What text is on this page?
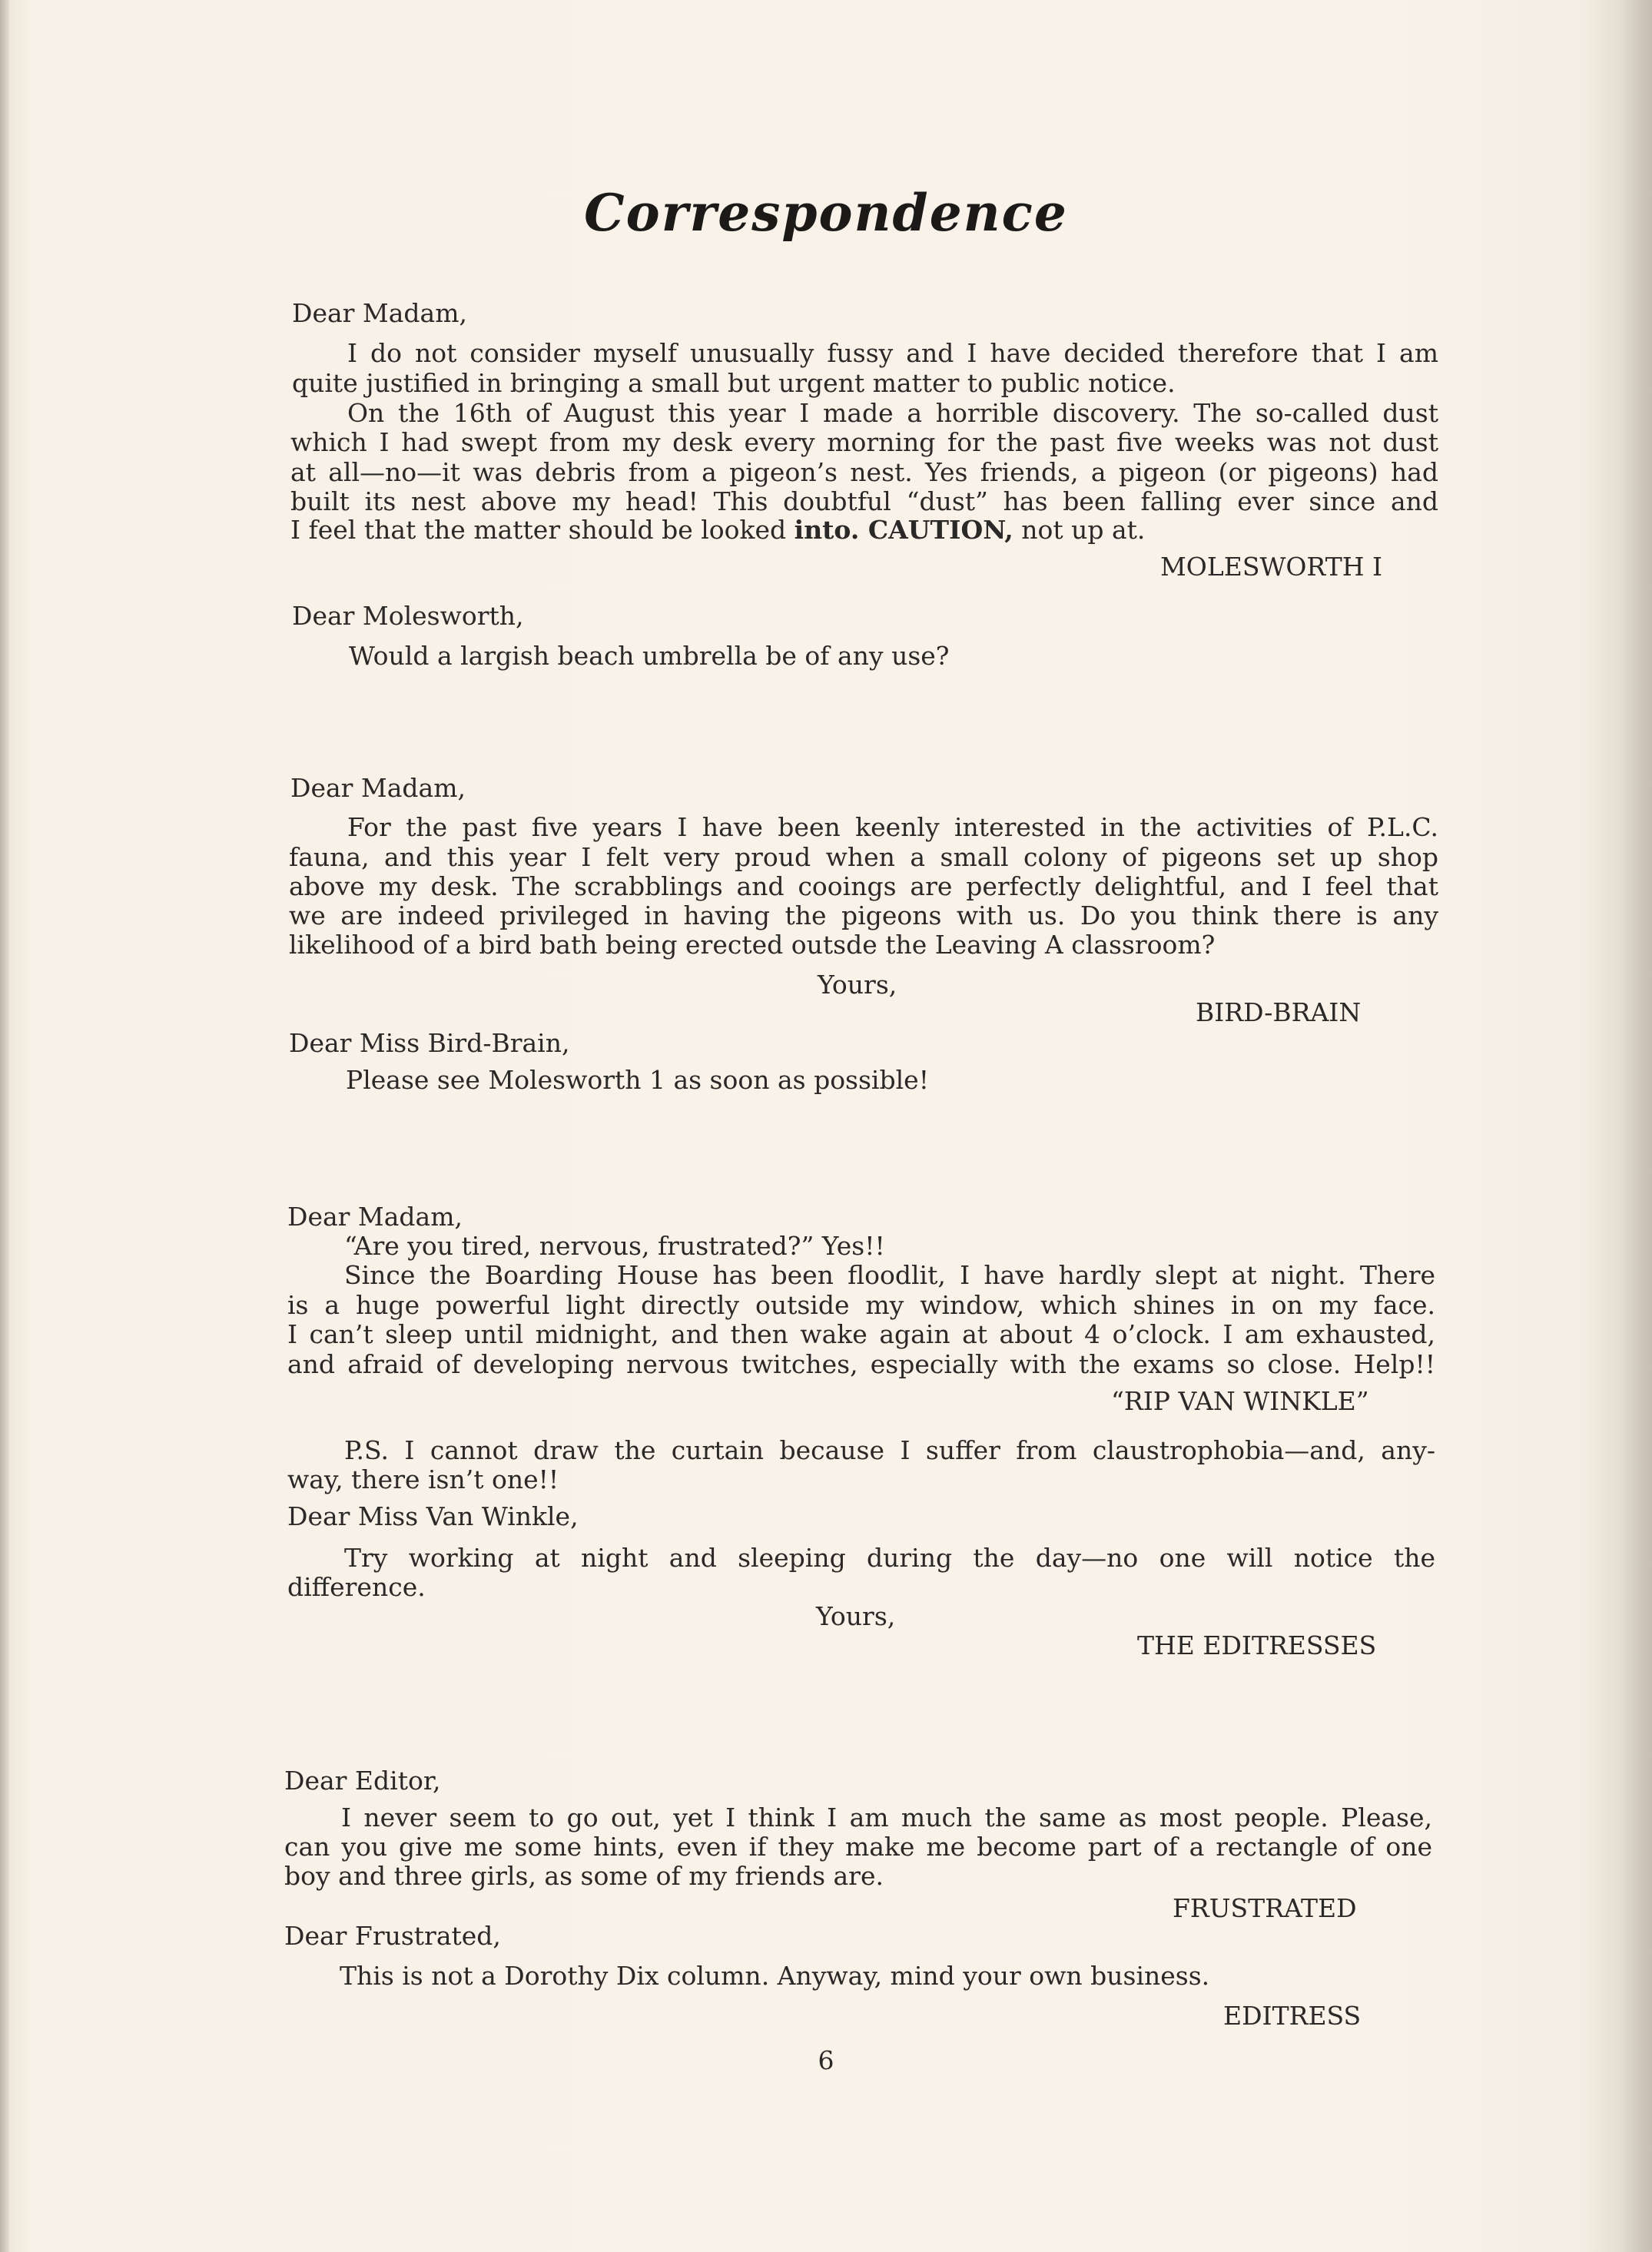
Correspondence
Dear Madam,
I do not consider myself unusually fussy and I have decided therefore that I am
quite justified in bringing a small but urgent matter to public notice.
On the 16th of August this year I made a horrible discovery. The so-called dust
which I had swept from my desk every morning for the past five weeks was not dust
at all—no—it was debris from a pigeon’s nest. Yes friends, a pigeon (or pigeons) had
built its nest above my head! This doubtful “dust” has been falling ever since and
I feel that the matter should be looked into. CAUTION, not up at.
MOLESWORTH I
Dear Molesworth,
Would a largish beach umbrella be of any use?
Dear Madam,
For the past five years I have been keenly interested in the activities of P.L.C.
fauna, and this year I felt very proud when a small colony of pigeons set up shop
above my desk. The scrabblings and cooings are perfectly delightful, and I feel that
we are indeed privileged in having the pigeons with us. Do you think there is any
likelihood of a bird bath being erected outsde the Leaving A classroom?
Yours,
BIRD-BRAIN
Dear Miss Bird-Brain,
Please see Molesworth 1 as soon as possible!
Dear Madam,
“Are you tired, nervous, frustrated?” Yes!!
Since the Boarding House has been floodlit, I have hardly slept at night. There
is a huge powerful light directly outside my window, which shines in on my face.
I can’t sleep until midnight, and then wake again at about 4 o’clock. I am exhausted,
and afraid of developing nervous twitches, especially with the exams so close. Help!!
“RIP VAN WINKLE”
P.S. I cannot draw the curtain because I suffer from claustrophobia—and, any-
way, there isn’t one!!
Dear Miss Van Winkle,
Try working at night and sleeping during the day—no one will notice the
difference.
Yours,
THE EDITRESSES
Dear Editor,
I never seem to go out, yet I think I am much the same as most people. Please,
can you give me some hints, even if they make me become part of a rectangle of one
boy and three girls, as some of my friends are.
FRUSTRATED
Dear Frustrated,
This is not a Dorothy Dix column. Anyway, mind your own business.
EDITRESS
6
